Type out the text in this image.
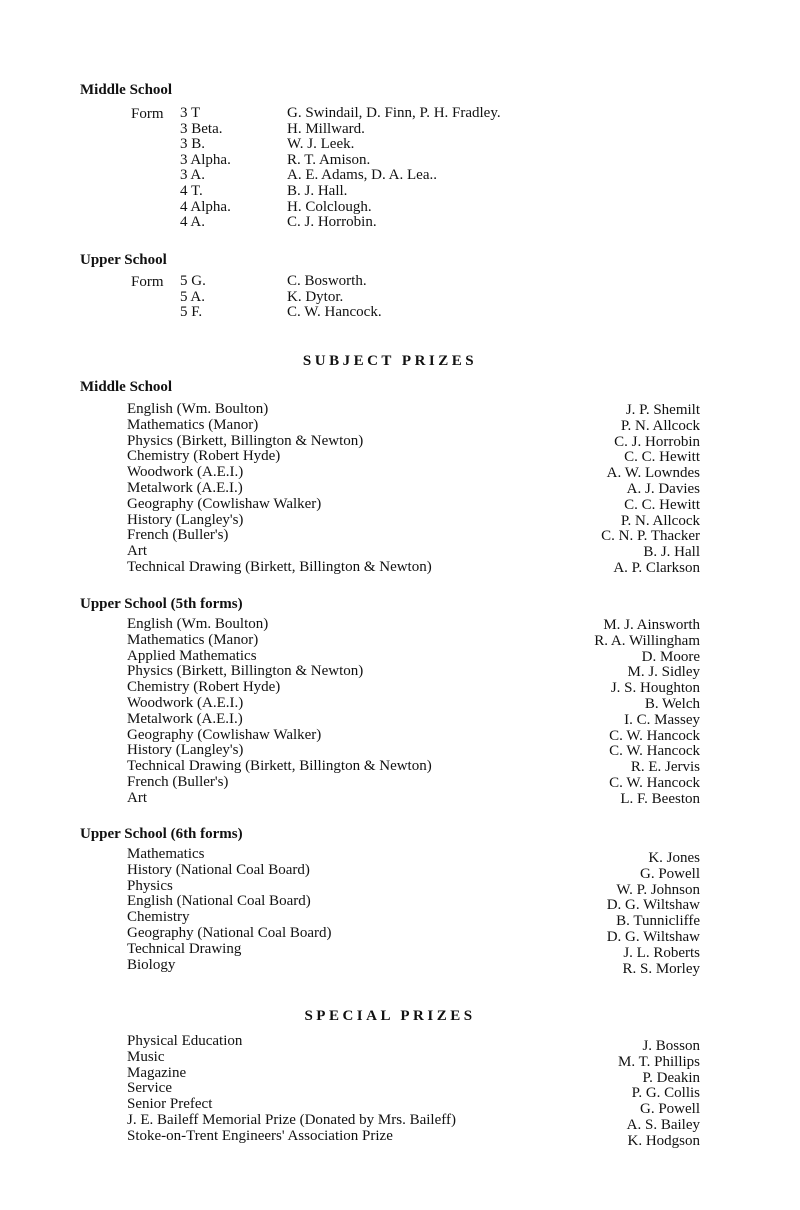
Middle School
Form 3 T
3 Beta.
3 B.
3 Alpha.
3 A.
4 T.
4 Alpha.
4 A.
G. Swindail, D. Finn, P. H. Fradley.
H. Millward.
W. J. Leek.
R. T. Amison.
A. E. Adams, D. A. Lea..
B. J. Hall.
H. Colclough.
C. J. Horrobin.
Upper School
Form 5 G.
5 A.
5 F.
C. Bosworth.
K. Dytor.
C. W. Hancock.
SUBJECT PRIZES
Middle School
English (Wm. Boulton)
Mathematics (Manor)
Physics (Birkett, Billington & Newton)
Chemistry (Robert Hyde)
Woodwork (A.E.I.)
Metalwork (A.E.I.)
Geography (Cowlishaw Walker)
History (Langley's)
French (Buller's)
Art
Technical Drawing (Birkett, Billington & Newton)
J. P. Shemilt
P. N. Allcock
C. J. Horrobin
C. C. Hewitt
A. W. Lowndes
A. J. Davies
C. C. Hewitt
P. N. Allcock
C. N. P. Thacker
B. J. Hall
A. P. Clarkson
Upper School (5th forms)
English (Wm. Boulton)
Mathematics (Manor)
Applied Mathematics
Physics (Birkett, Billington & Newton)
Chemistry (Robert Hyde)
Woodwork (A.E.I.)
Metalwork (A.E.I.)
Geography (Cowlishaw Walker)
History (Langley's)
Technical Drawing (Birkett, Billington & Newton)
French (Buller's)
Art
M. J. Ainsworth
R. A. Willingham
D. Moore
M. J. Sidley
J. S. Houghton
B. Welch
I. C. Massey
C. W. Hancock
C. W. Hancock
R. E. Jervis
C. W. Hancock
L. F. Beeston
Upper School (6th forms)
Mathematics
History (National Coal Board)
Physics
English (National Coal Board)
Chemistry
Geography (National Coal Board)
Technical Drawing
Biology
K. Jones
G. Powell
W. P. Johnson
D. G. Wiltshaw
B. Tunnicliffe
D. G. Wiltshaw
J. L. Roberts
R. S. Morley
SPECIAL PRIZES
Physical Education
Music
Magazine
Service
Senior Prefect
J. E. Baileff Memorial Prize (Donated by Mrs. Baileff)
Stoke-on-Trent Engineers' Association Prize
J. Bosson
M. T. Phillips
P. Deakin
P. G. Collis
G. Powell
A. S. Bailey
K. Hodgson
